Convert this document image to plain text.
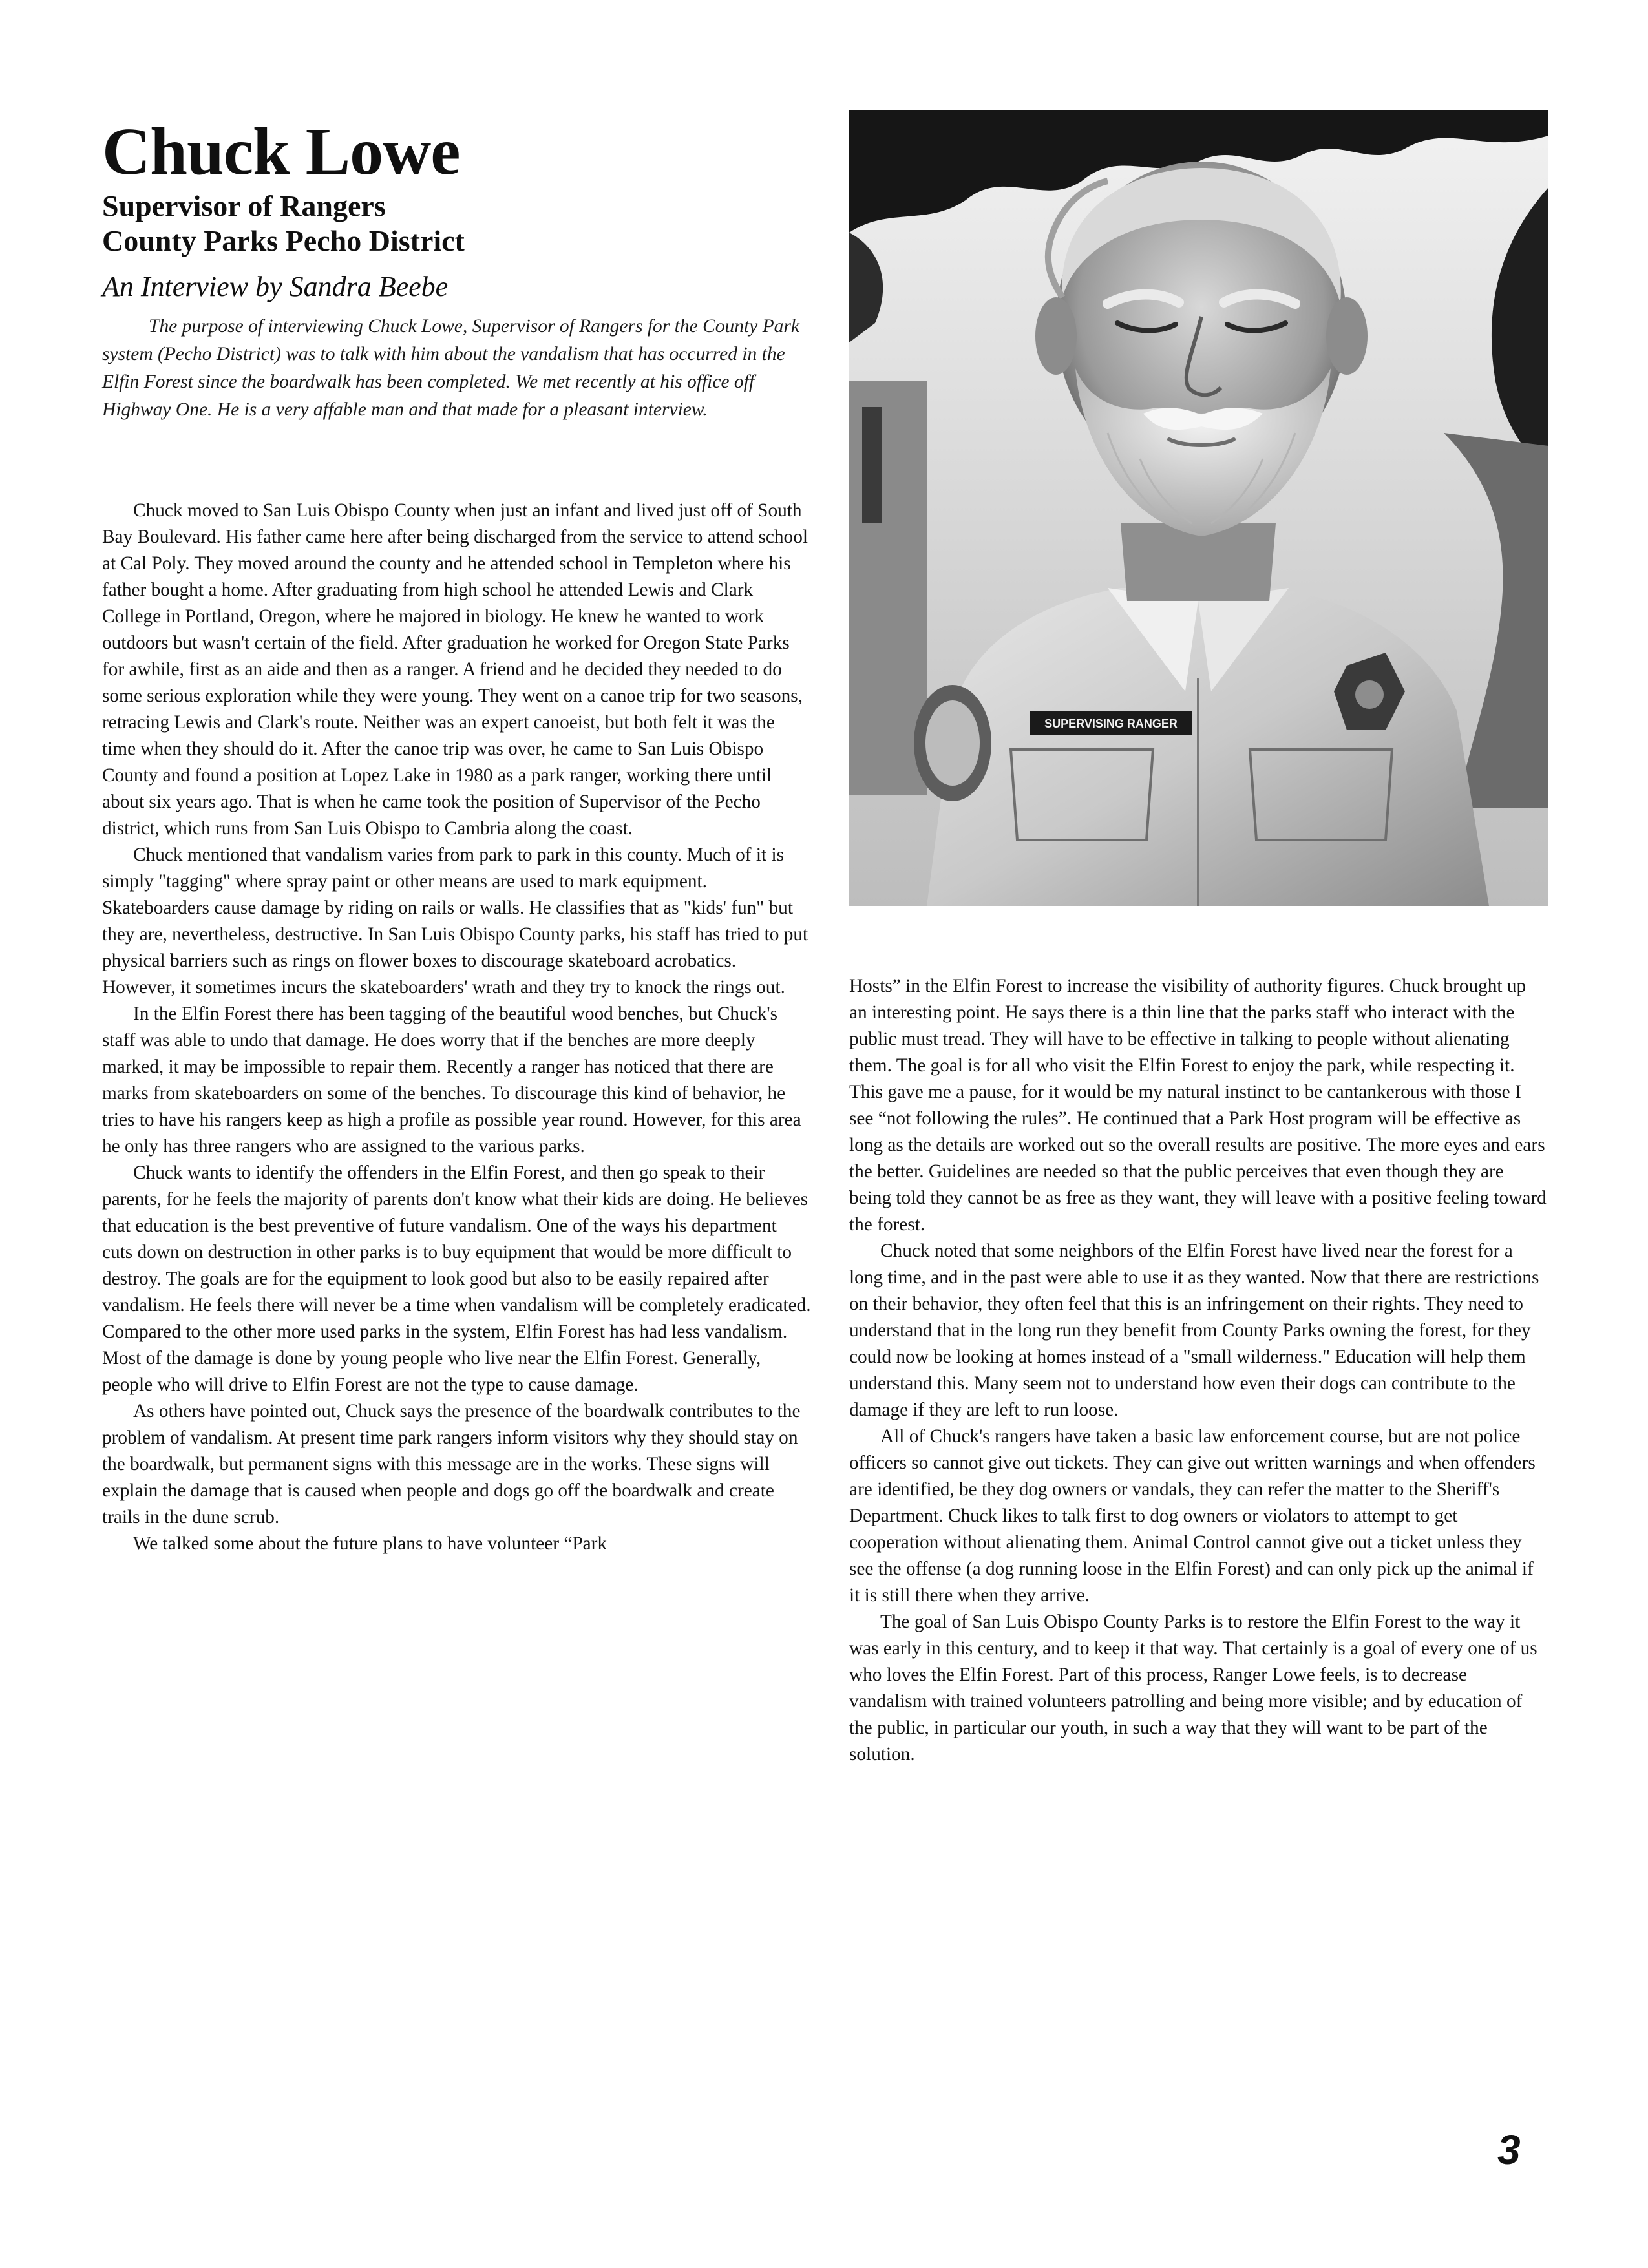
Chuck Lowe
Supervisor of Rangers
County Parks Pecho District
An Interview by Sandra Beebe

The purpose of interviewing Chuck Lowe, Supervisor of Rangers for the County Park system (Pecho District) was to talk with him about the vandalism that has occurred in the Elfin Forest since the boardwalk has been completed. We met recently at his office off Highway One. He is a very affable man and that made for a pleasant interview.

Chuck moved to San Luis Obispo County when just an infant and lived just off of South Bay Boulevard. His father came here after being discharged from the service to attend school at Cal Poly. They moved around the county and he attended school in Templeton where his father bought a home. After graduating from high school he attended Lewis and Clark College in Portland, Oregon, where he majored in biology. He knew he wanted to work outdoors but wasn't certain of the field. After graduation he worked for Oregon State Parks for awhile, first as an aide and then as a ranger. A friend and he decided they needed to do some serious exploration while they were young. They went on a canoe trip for two seasons, retracing Lewis and Clark's route. Neither was an expert canoeist, but both felt it was the time when they should do it. After the canoe trip was over, he came to San Luis Obispo County and found a position at Lopez Lake in 1980 as a park ranger, working there until about six years ago. That is when he came took the position of Supervisor of the Pecho district, which runs from San Luis Obispo to Cambria along the coast.

Chuck mentioned that vandalism varies from park to park in this county. Much of it is simply "tagging" where spray paint or other means are used to mark equipment. Skateboarders cause damage by riding on rails or walls. He classifies that as "kids' fun" but they are, nevertheless, destructive. In San Luis Obispo County parks, his staff has tried to put physical barriers such as rings on flower boxes to discourage skateboard acrobatics. However, it sometimes incurs the skateboarders' wrath and they try to knock the rings out.

In the Elfin Forest there has been tagging of the beautiful wood benches, but Chuck's staff was able to undo that damage. He does worry that if the benches are more deeply marked, it may be impossible to repair them. Recently a ranger has noticed that there are marks from skateboarders on some of the benches. To discourage this kind of behavior, he tries to have his rangers keep as high a profile as possible year round. However, for this area he only has three rangers who are assigned to the various parks.

Chuck wants to identify the offenders in the Elfin Forest, and then go speak to their parents, for he feels the majority of parents don't know what their kids are doing. He believes that education is the best preventive of future vandalism. One of the ways his department cuts down on destruction in other parks is to buy equipment that would be more difficult to destroy. The goals are for the equipment to look good but also to be easily repaired after vandalism. He feels there will never be a time when vandalism will be completely eradicated. Compared to the other more used parks in the system, Elfin Forest has had less vandalism. Most of the damage is done by young people who live near the Elfin Forest. Generally, people who will drive to Elfin Forest are not the type to cause damage.

As others have pointed out, Chuck says the presence of the boardwalk contributes to the problem of vandalism. At present time park rangers inform visitors why they should stay on the boardwalk, but permanent signs with this message are in the works. These signs will explain the damage that is caused when people and dogs go off the boardwalk and create trails in the dune scrub.

We talked some about the future plans to have volunteer “Park

SUPERVISING RANGER

Hosts” in the Elfin Forest to increase the visibility of authority figures. Chuck brought up an interesting point. He says there is a thin line that the parks staff who interact with the public must tread. They will have to be effective in talking to people without alienating them. The goal is for all who visit the Elfin Forest to enjoy the park, while respecting it. This gave me a pause, for it would be my natural instinct to be cantankerous with those I see “not following the rules”. He continued that a Park Host program will be effective as long as the details are worked out so the overall results are positive. The more eyes and ears the better. Guidelines are needed so that the public perceives that even though they are being told they cannot be as free as they want, they will leave with a positive feeling toward the forest.

Chuck noted that some neighbors of the Elfin Forest have lived near the forest for a long time, and in the past were able to use it as they wanted. Now that there are restrictions on their behavior, they often feel that this is an infringement on their rights. They need to understand that in the long run they benefit from County Parks owning the forest, for they could now be looking at homes instead of a "small wilderness." Education will help them understand this. Many seem not to understand how even their dogs can contribute to the damage if they are left to run loose.

All of Chuck's rangers have taken a basic law enforcement course, but are not police officers so cannot give out tickets. They can give out written warnings and when offenders are identified, be they dog owners or vandals, they can refer the matter to the Sheriff's Department. Chuck likes to talk first to dog owners or violators to attempt to get cooperation without alienating them. Animal Control cannot give out a ticket unless they see the offense (a dog running loose in the Elfin Forest) and can only pick up the animal if it is still there when they arrive.

The goal of San Luis Obispo County Parks is to restore the Elfin Forest to the way it was early in this century, and to keep it that way. That certainly is a goal of every one of us who loves the Elfin Forest. Part of this process, Ranger Lowe feels, is to decrease vandalism with trained volunteers patrolling and being more visible; and by education of the public, in particular our youth, in such a way that they will want to be part of the solution.

3
